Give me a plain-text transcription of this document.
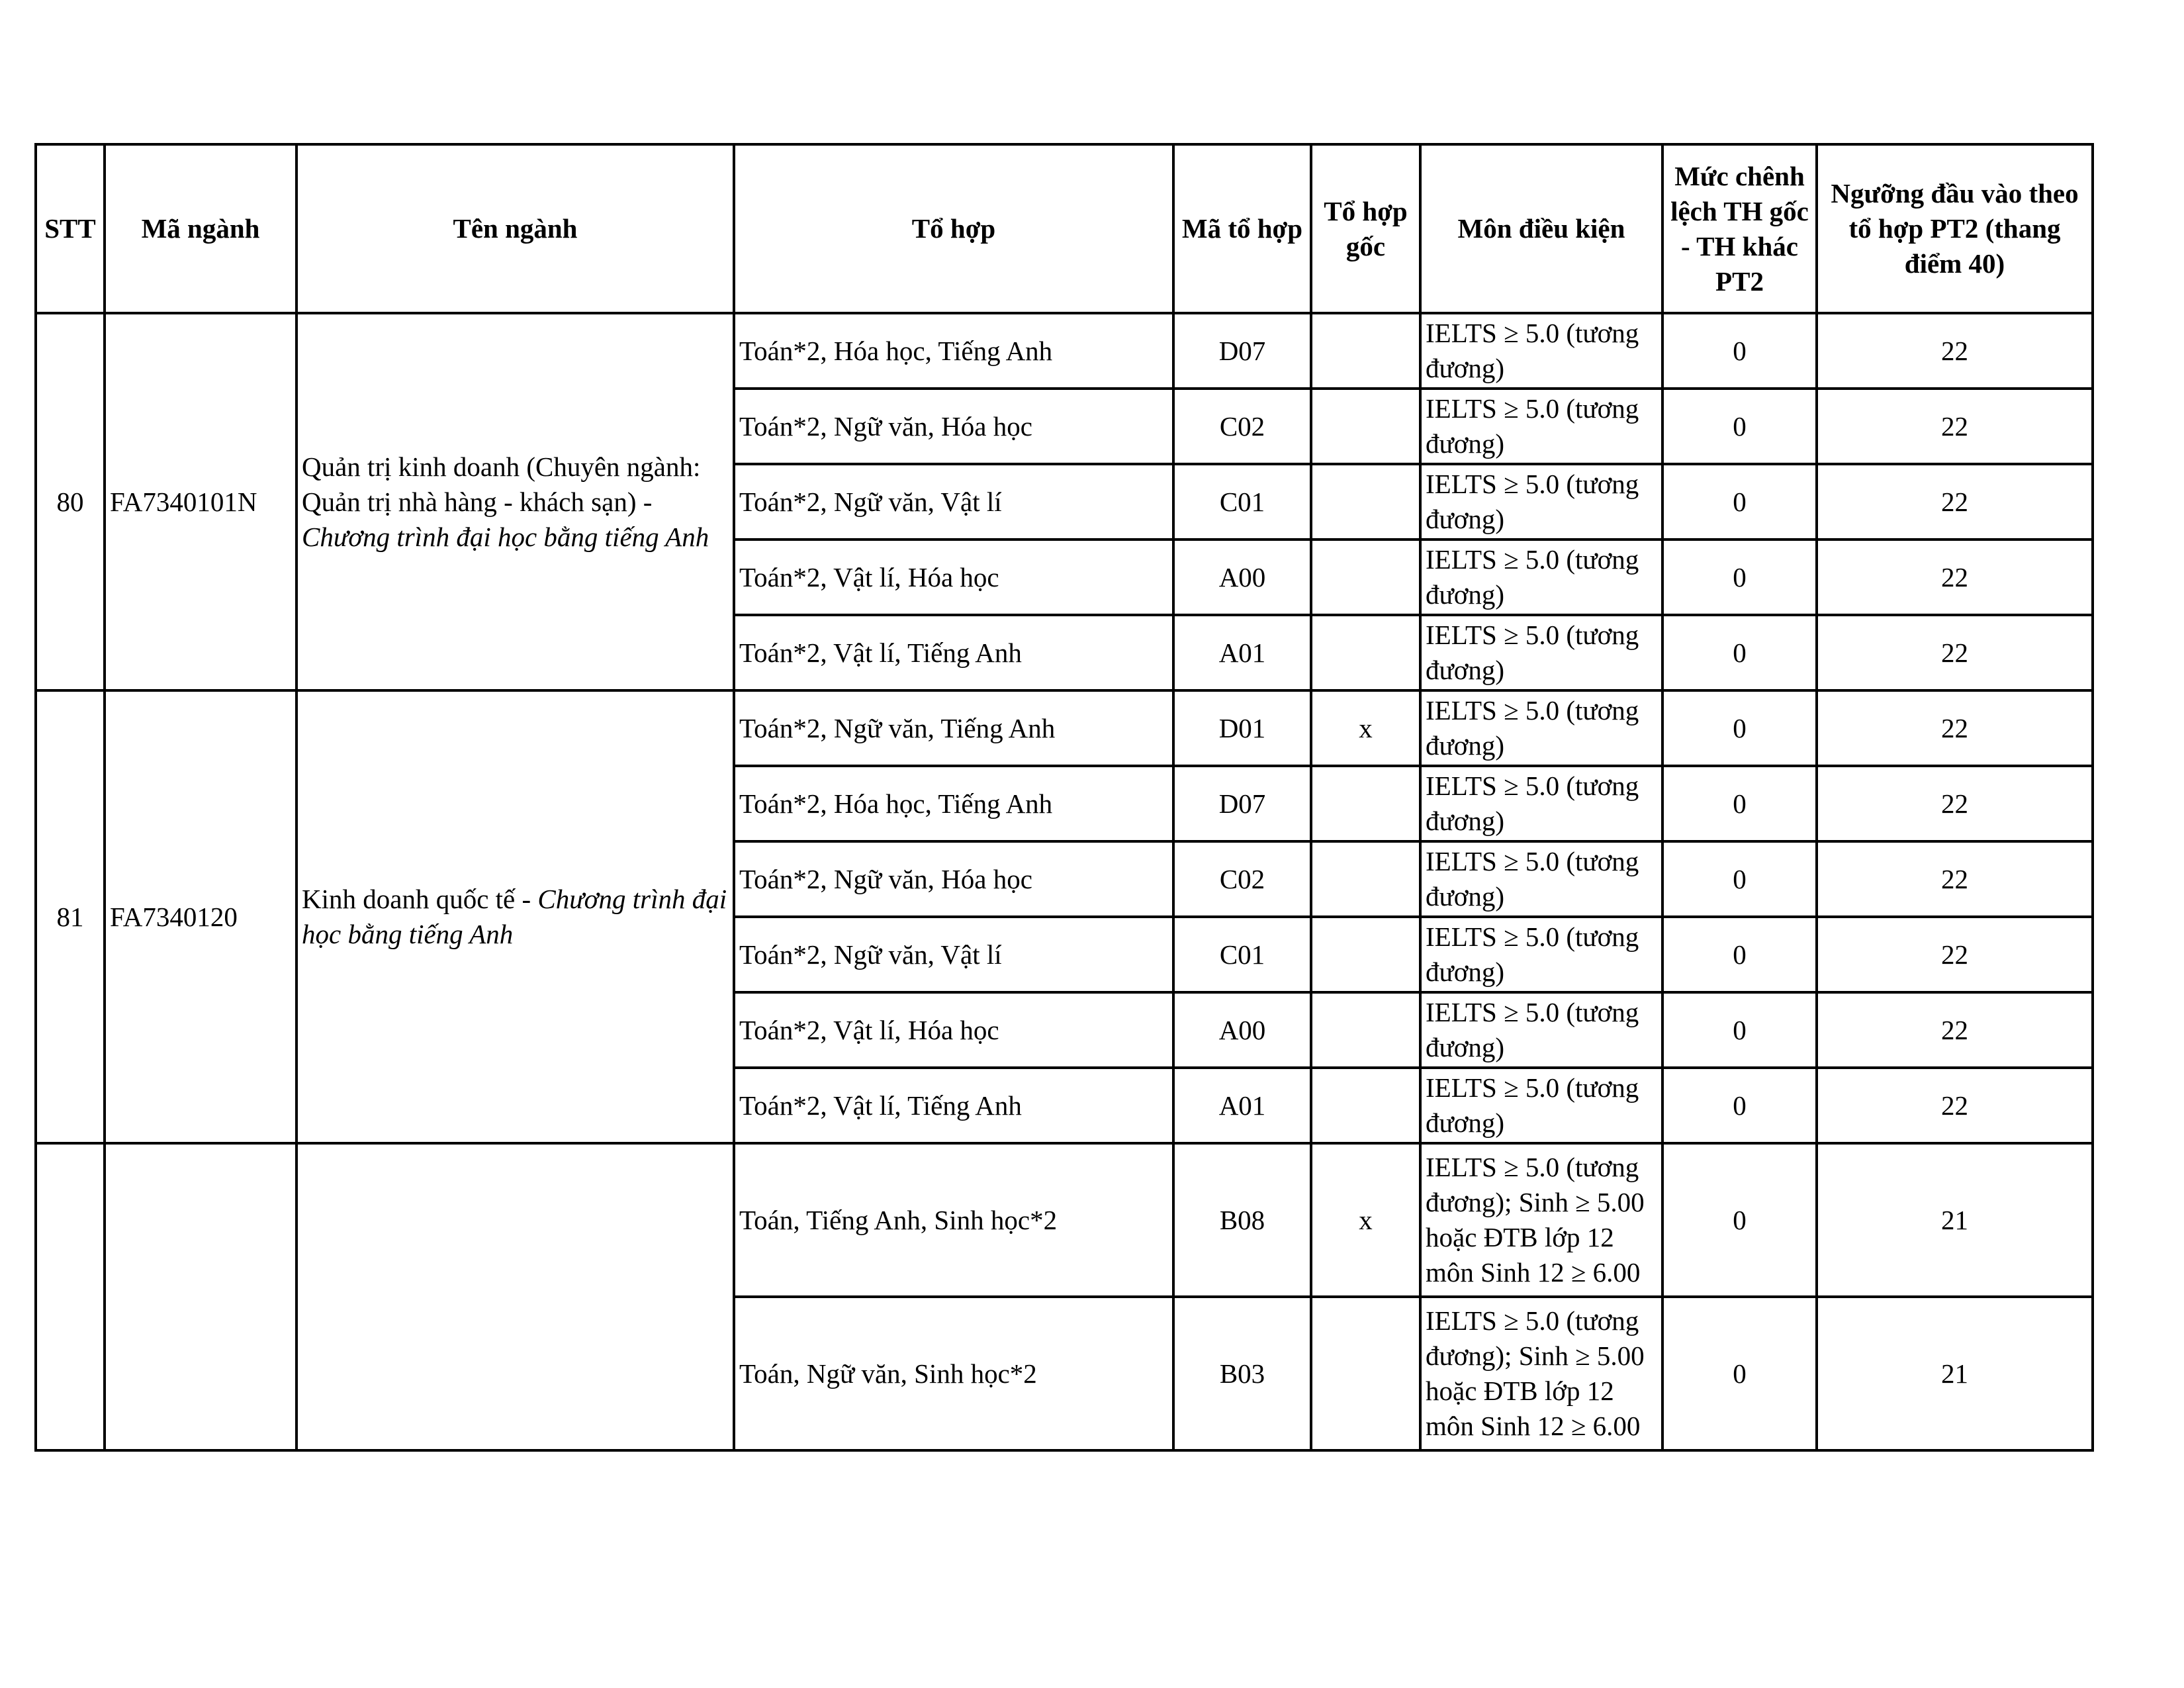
STT	Mã ngành	Tên ngành	Tổ hợp	Mã tổ hợp	Tổ hợp gốc	Môn điều kiện	Mức chênh lệch TH gốc - TH khác PT2	Ngưỡng đầu vào theo tổ hợp PT2 (thang điểm 40)
80	FA7340101N	Quản trị kinh doanh (Chuyên ngành: Quản trị nhà hàng - khách sạn) - Chương trình đại học bằng tiếng Anh	Toán*2, Hóa học, Tiếng Anh	D07		IELTS ≥ 5.0 (tương đương)	0	22
			Toán*2, Ngữ văn, Hóa học	C02		IELTS ≥ 5.0 (tương đương)	0	22
			Toán*2, Ngữ văn, Vật lí	C01		IELTS ≥ 5.0 (tương đương)	0	22
			Toán*2, Vật lí, Hóa học	A00		IELTS ≥ 5.0 (tương đương)	0	22
			Toán*2, Vật lí, Tiếng Anh	A01		IELTS ≥ 5.0 (tương đương)	0	22
81	FA7340120	Kinh doanh quốc tế - Chương trình đại học bằng tiếng Anh	Toán*2, Ngữ văn, Tiếng Anh	D01	x	IELTS ≥ 5.0 (tương đương)	0	22
			Toán*2, Hóa học, Tiếng Anh	D07		IELTS ≥ 5.0 (tương đương)	0	22
			Toán*2, Ngữ văn, Hóa học	C02		IELTS ≥ 5.0 (tương đương)	0	22
			Toán*2, Ngữ văn, Vật lí	C01		IELTS ≥ 5.0 (tương đương)	0	22
			Toán*2, Vật lí, Hóa học	A00		IELTS ≥ 5.0 (tương đương)	0	22
			Toán*2, Vật lí, Tiếng Anh	A01		IELTS ≥ 5.0 (tương đương)	0	22
			Toán, Tiếng Anh, Sinh học*2	B08	x	IELTS ≥ 5.0 (tương đương); Sinh ≥ 5.00 hoặc ĐTB lớp 12 môn Sinh 12 ≥ 6.00	0	21
			Toán, Ngữ văn, Sinh học*2	B03		IELTS ≥ 5.0 (tương đương); Sinh ≥ 5.00 hoặc ĐTB lớp 12 môn Sinh 12 ≥ 6.00	0	21
